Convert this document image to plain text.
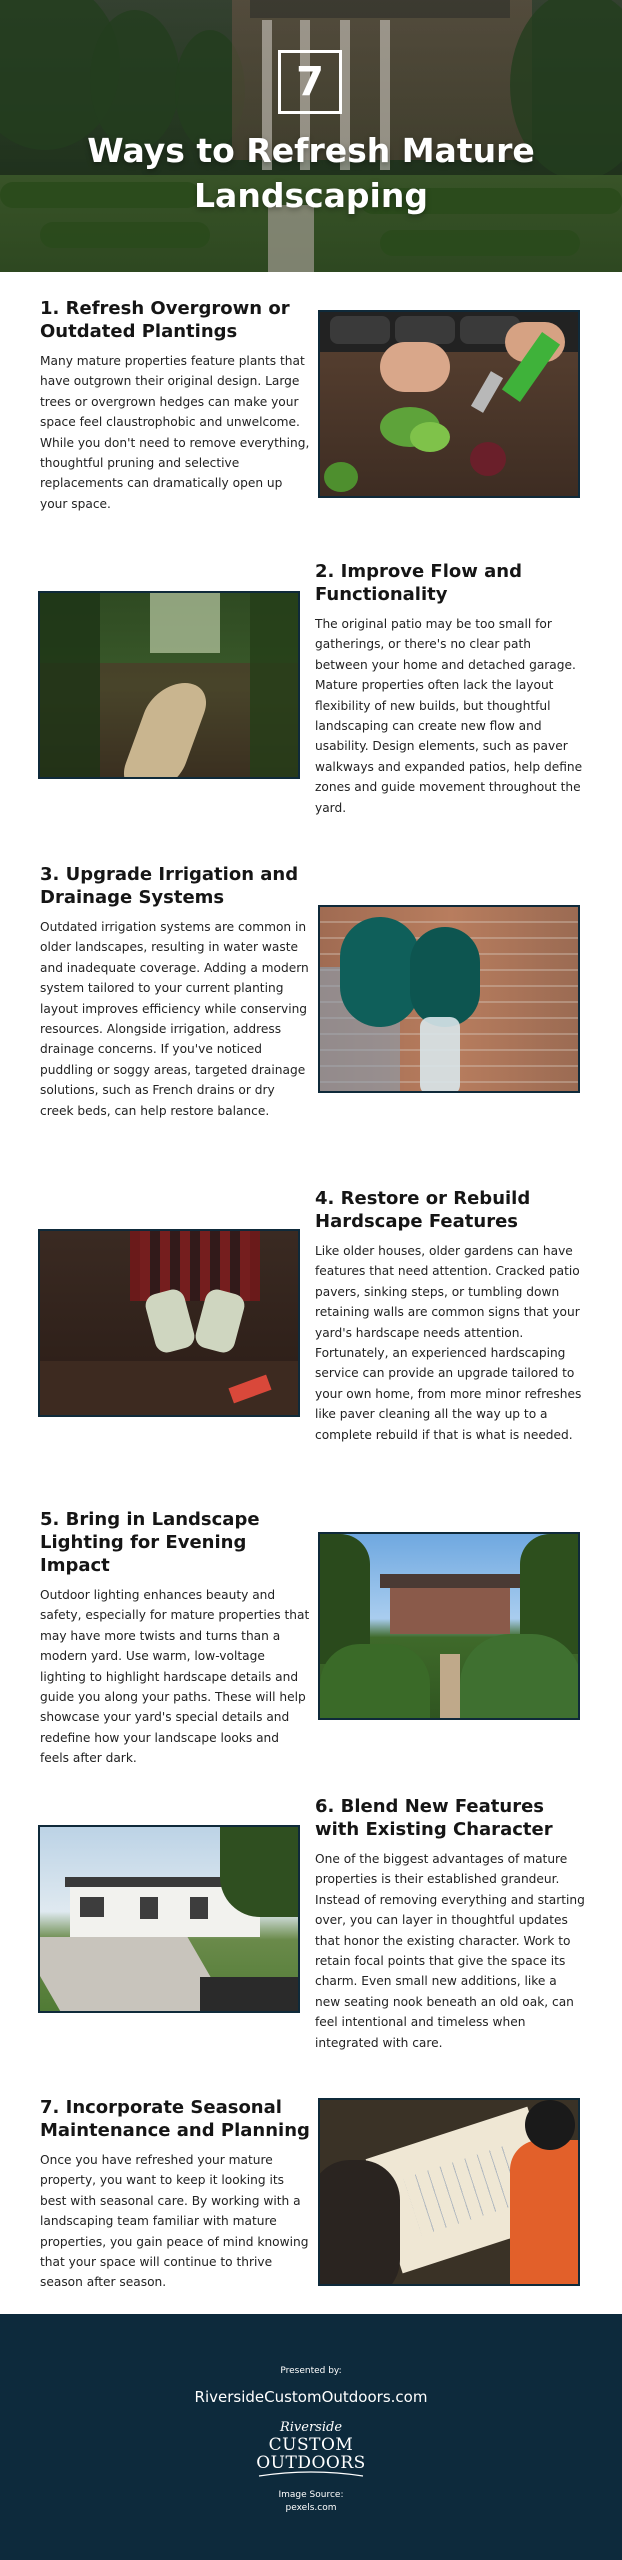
7
Ways to Refresh Mature
Landscaping
1. Refresh Overgrown or Outdated Plantings

Many mature properties feature plants that have outgrown their original design. Large trees or overgrown hedges can make your space feel claustrophobic and unwelcome. While you don't need to remove everything, thoughtful pruning and selective replacements can dramatically open up your space.

2. Improve Flow and Functionality

The original patio may be too small for gatherings, or there's no clear path between your home and detached garage. Mature properties often lack the layout flexibility of new builds, but thoughtful landscaping can create new flow and usability. Design elements, such as paver walkways and expanded patios, help define zones and guide movement throughout the yard.

3. Upgrade Irrigation and Drainage Systems

Outdated irrigation systems are common in older landscapes, resulting in water waste and inadequate coverage. Adding a modern system tailored to your current planting layout improves efficiency while conserving resources. Alongside irrigation, address drainage concerns. If you've noticed puddling or soggy areas, targeted drainage solutions, such as French drains or dry creek beds, can help restore balance.

4. Restore or Rebuild Hardscape Features

Like older houses, older gardens can have features that need attention. Cracked patio pavers, sinking steps, or tumbling down retaining walls are common signs that your yard's hardscape needs attention. Fortunately, an experienced hardscaping service can provide an upgrade tailored to your own home, from more minor refreshes like paver cleaning all the way up to a complete rebuild if that is what is needed.

5. Bring in Landscape Lighting for Evening Impact

Outdoor lighting enhances beauty and safety, especially for mature properties that may have more twists and turns than a modern yard. Use warm, low-voltage lighting to highlight hardscape details and guide you along your paths. These will help showcase your yard's special details and redefine how your landscape looks and feels after dark.

6. Blend New Features with Existing Character

One of the biggest advantages of mature properties is their established grandeur. Instead of removing everything and starting over, you can layer in thoughtful updates that honor the existing character. Work to retain focal points that give the space its charm. Even small new additions, like a new seating nook beneath an old oak, can feel intentional and timeless when integrated with care.

7. Incorporate Seasonal Maintenance and Planning

Once you have refreshed your mature property, you want to keep it looking its best with seasonal care. By working with a landscaping team familiar with mature properties, you gain peace of mind knowing that your space will continue to thrive season after season.

Presented by:
RiversideCustomOutdoors.com
Riverside
CUSTOM
OUTDOORS
Image Source:
pexels.com
